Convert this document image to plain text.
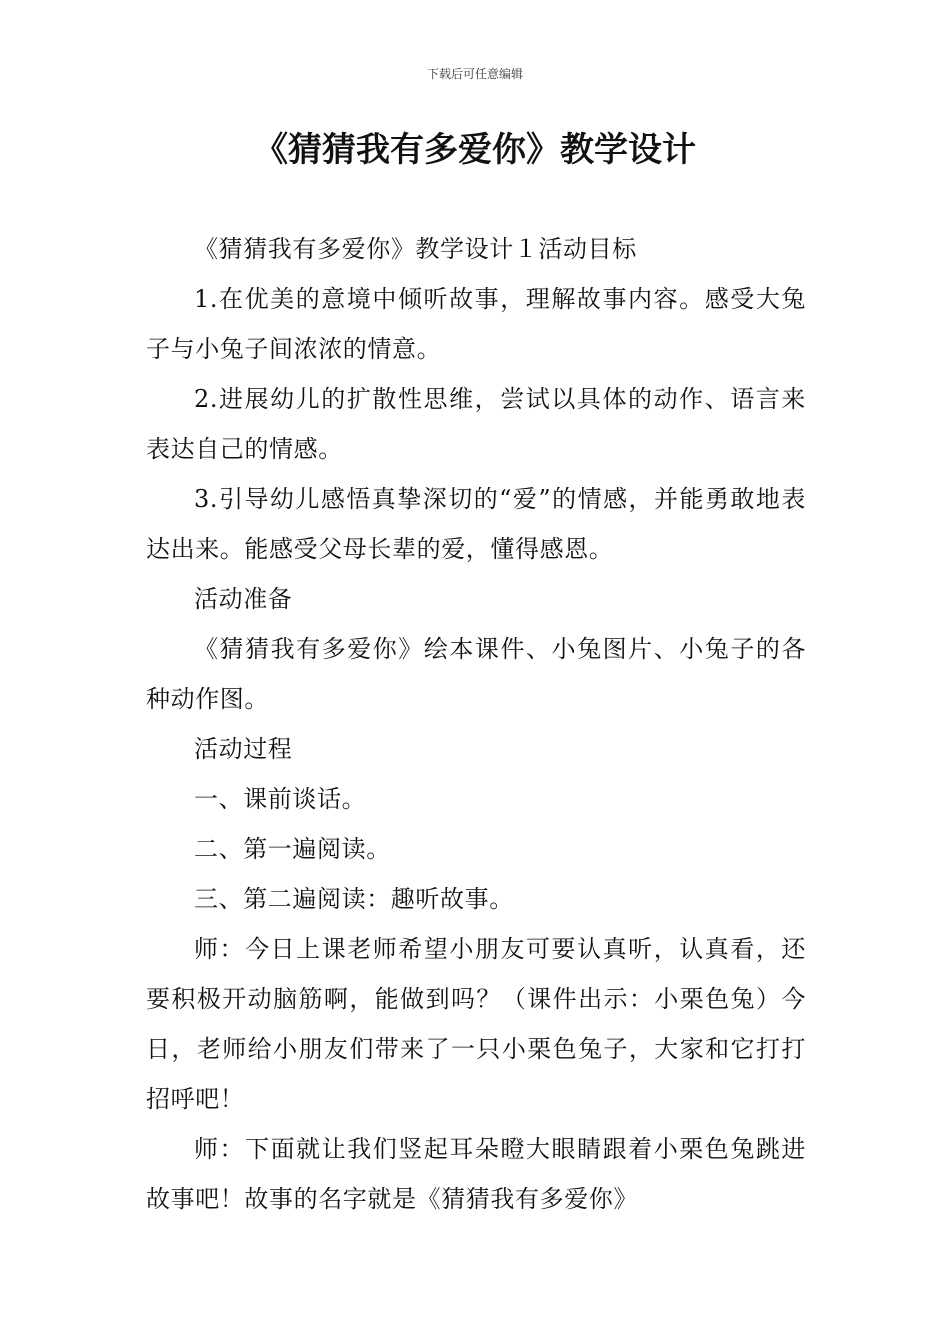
下载后可任意编辑
《猜猜我有多爱你》教学设计

《猜猜我有多爱你》教学设计１活动目标

1.在优美的意境中倾听故事，理解故事内容。感受大兔子与小兔子间浓浓的情意。

2.进展幼儿的扩散性思维，尝试以具体的动作、语言来表达自己的情感。

3.引导幼儿感悟真挚深切的“爱”的情感，并能勇敢地表达出来。能感受父母长辈的爱，懂得感恩。

活动准备

《猜猜我有多爱你》绘本课件、小兔图片、小兔子的各种动作图。

活动过程

一、课前谈话。

二、第一遍阅读。

三、第二遍阅读：趣听故事。

师：今日上课老师希望小朋友可要认真听，认真看，还要积极开动脑筋啊，能做到吗？（课件出示：小栗色兔）今日，老师给小朋友们带来了一只小栗色兔子，大家和它打打招呼吧！

师：下面就让我们竖起耳朵瞪大眼睛跟着小栗色兔跳进故事吧！故事的名字就是《猜猜我有多爱你》
